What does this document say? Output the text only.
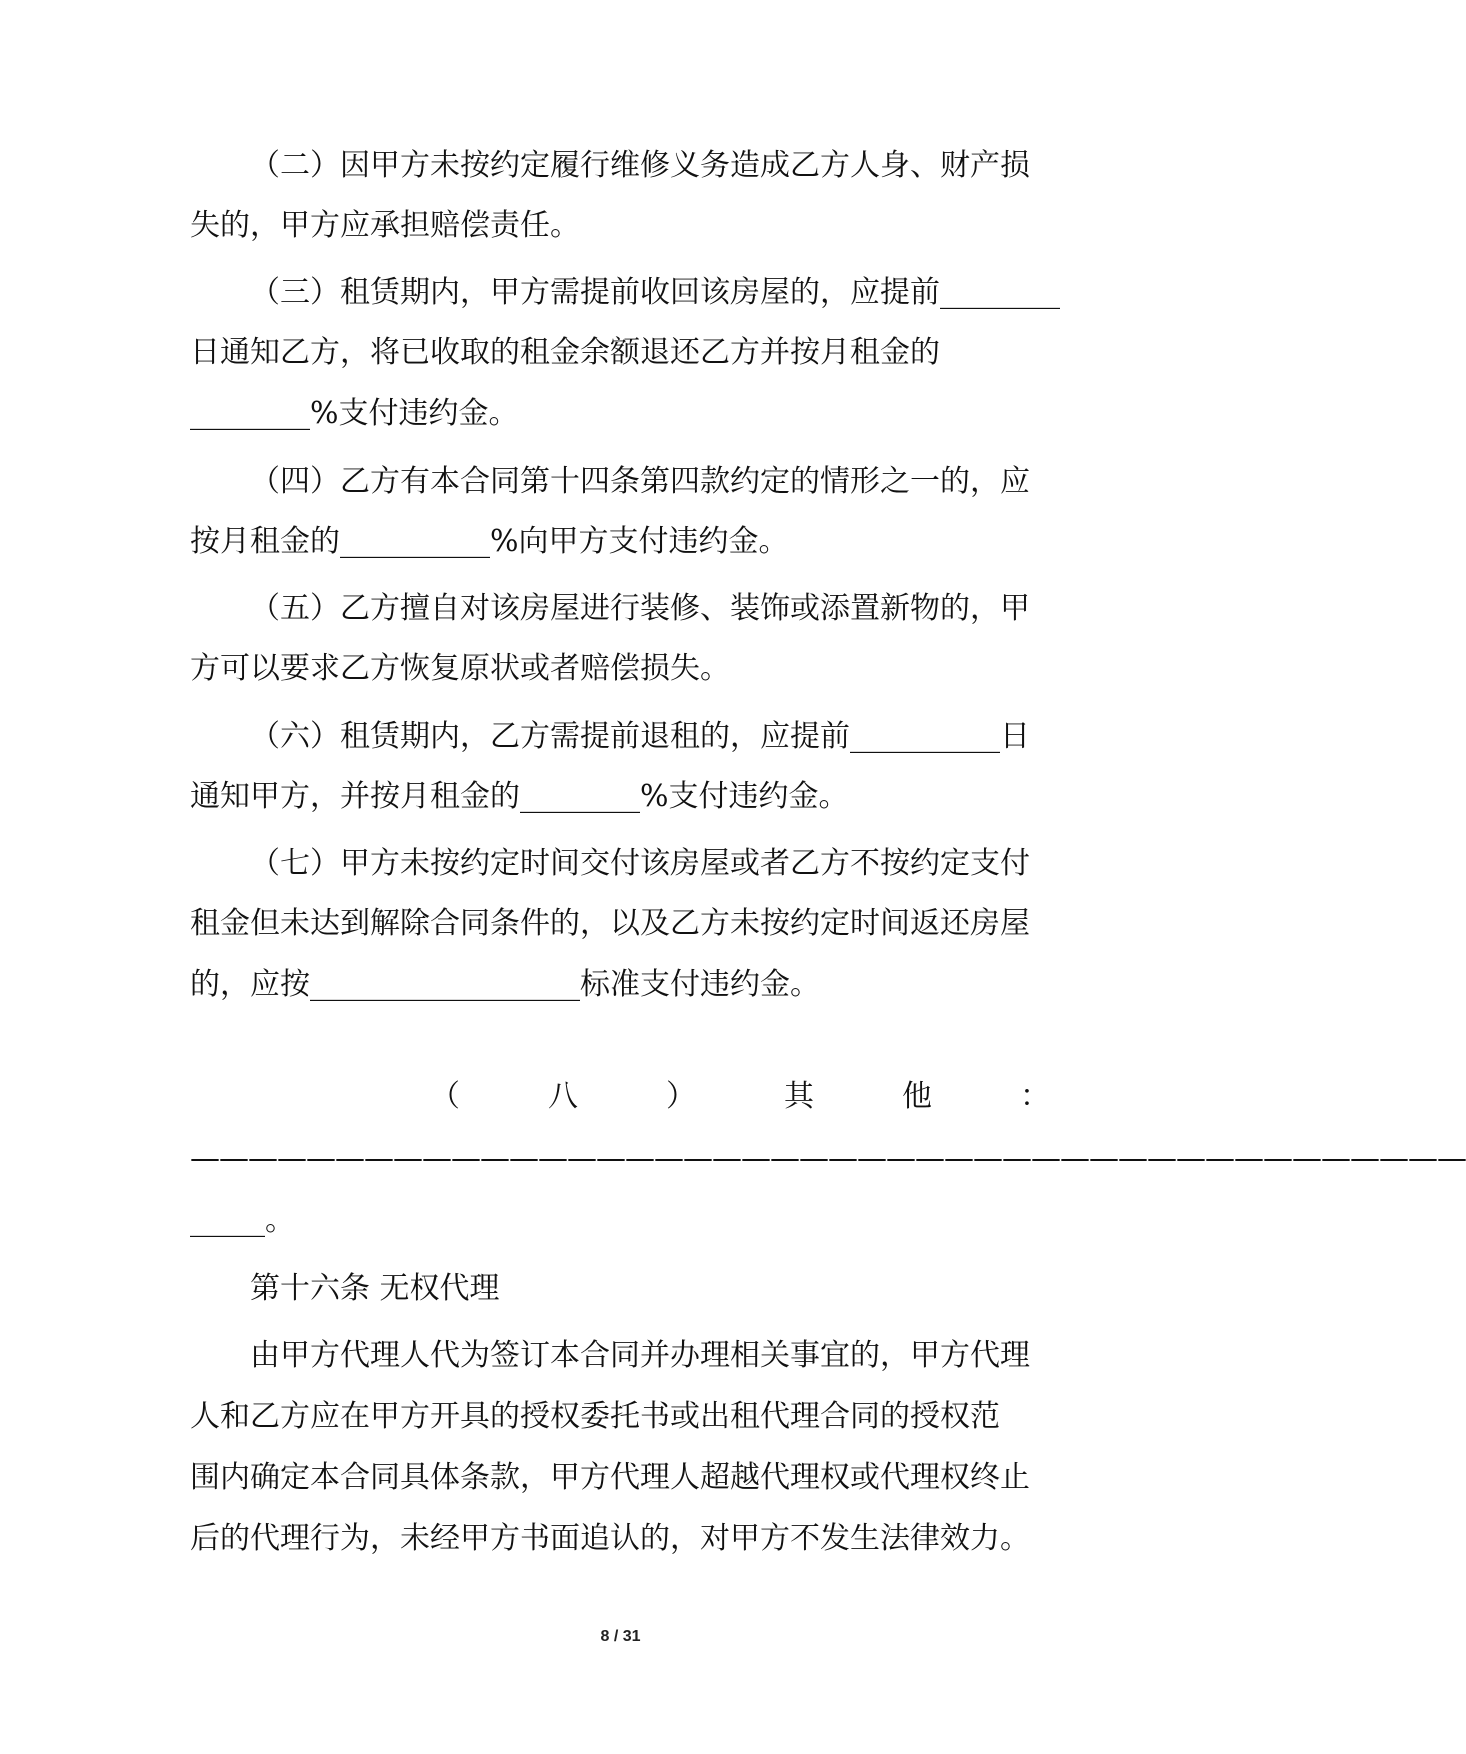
（二）因甲方未按约定履行维修义务造成乙方人身、财产损
失的，甲方应承担赔偿责任。
（三）租赁期内，甲方需提前收回该房屋的，应提前________
日通知乙方，将已收取的租金余额退还乙方并按月租金的
________%支付违约金。
（四）乙方有本合同第十四条第四款约定的情形之一的，应
按月租金的__________%向甲方支付违约金。
（五）乙方擅自对该房屋进行装修、装饰或添置新物的，甲
方可以要求乙方恢复原状或者赔偿损失。
（六）租赁期内，乙方需提前退租的，应提前__________日
通知甲方，并按月租金的________%支付违约金。
（七）甲方未按约定时间交付该房屋或者乙方不按约定支付
租金但未达到解除合同条件的，以及乙方未按约定时间返还房屋
的，应按__________________标准支付违约金。
（	八	）	其	他	：
————————————————————————————————————————————
_____。
第十六条 无权代理
由甲方代理人代为签订本合同并办理相关事宜的，甲方代理
人和乙方应在甲方开具的授权委托书或出租代理合同的授权范
围内确定本合同具体条款，甲方代理人超越代理权或代理权终止
后的代理行为，未经甲方书面追认的，对甲方不发生法律效力。
8 / 31
